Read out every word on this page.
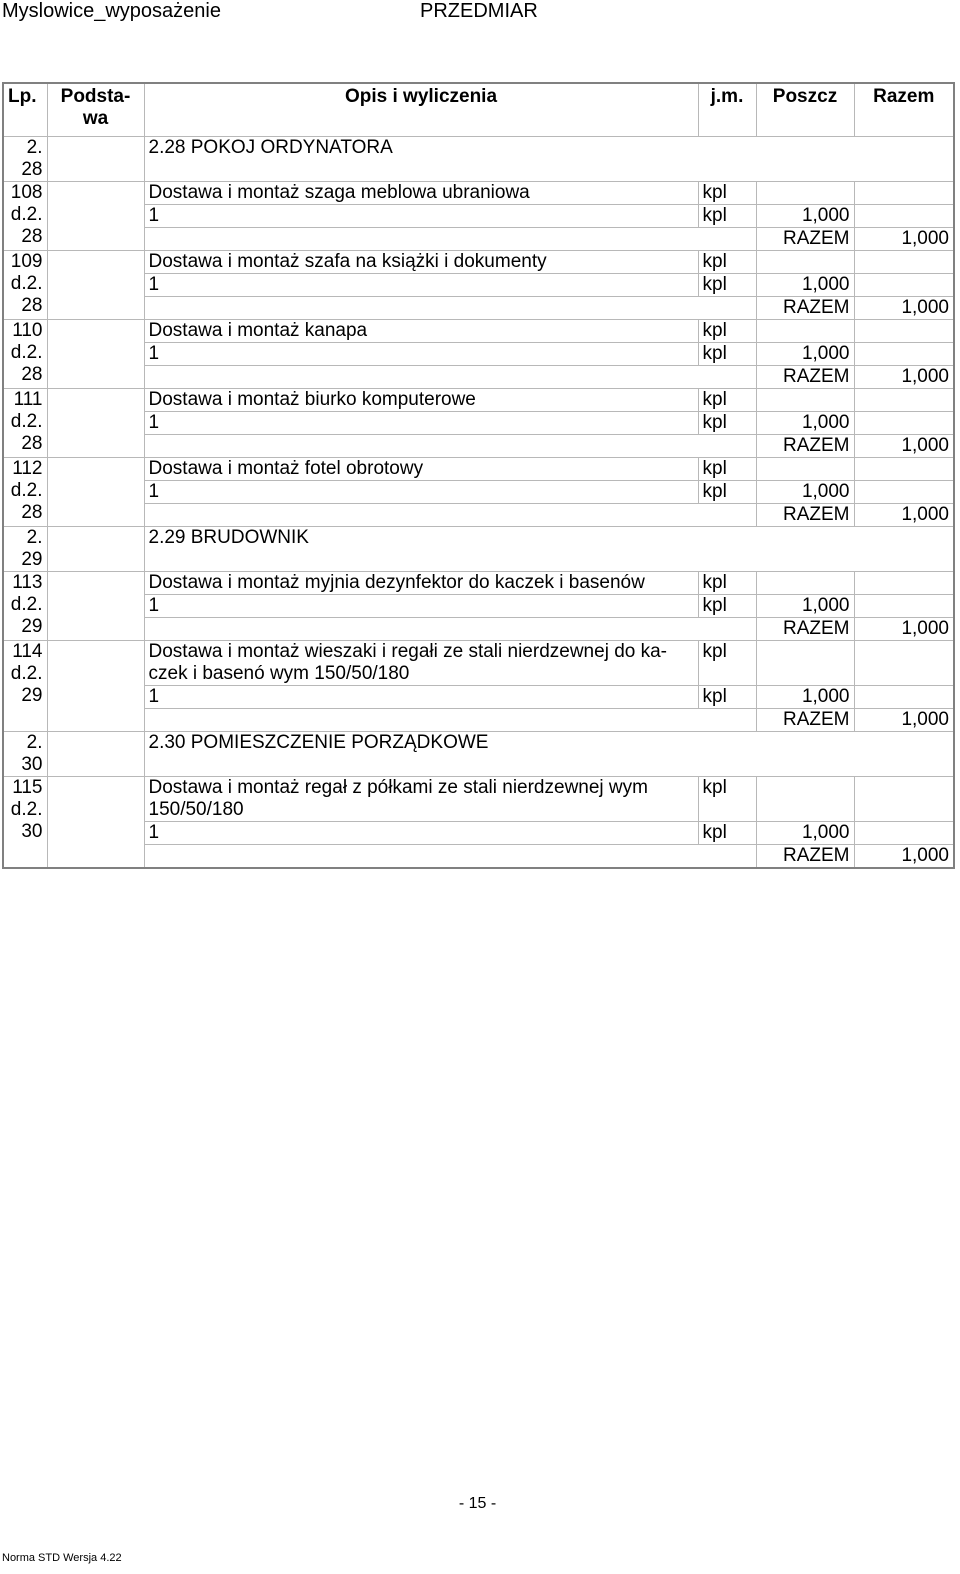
Myslowice_wyposażenie	PRZEDMIAR
Lp.	Podsta-wa	Opis i wyliczenia	j.m.	Poszcz	Razem
2. 28		2.28 POKOJ ORDYNATORA			
108 d.2. 28		Dostawa i montaż szaga meblowa ubraniowa	kpl		
		1	kpl	1,000	
				RAZEM	1,000
109 d.2. 28		Dostawa i montaż szafa na książki i dokumenty	kpl		
		1	kpl	1,000	
				RAZEM	1,000
110 d.2. 28		Dostawa i montaż kanapa	kpl		
		1	kpl	1,000	
				RAZEM	1,000
111 d.2. 28		Dostawa i montaż biurko komputerowe	kpl		
		1	kpl	1,000	
				RAZEM	1,000
112 d.2. 28		Dostawa i montaż fotel obrotowy	kpl		
		1	kpl	1,000	
				RAZEM	1,000
2. 29		2.29 BRUDOWNIK			
113 d.2. 29		Dostawa i montaż myjnia dezynfektor do kaczek i basenów	kpl		
		1	kpl	1,000	
				RAZEM	1,000
114 d.2. 29		Dostawa i montaż wieszaki i regałi ze stali nierdzewnej do ka-czek i basenó wym 150/50/180	kpl		
		1	kpl	1,000	
				RAZEM	1,000
2. 30		2.30 POMIESZCZENIE PORZĄDKOWE			
115 d.2. 30		Dostawa i montaż regał z półkami ze stali nierdzewnej wym 150/50/180	kpl		
		1	kpl	1,000	
				RAZEM	1,000
- 15 -
Norma STD Wersja 4.22
